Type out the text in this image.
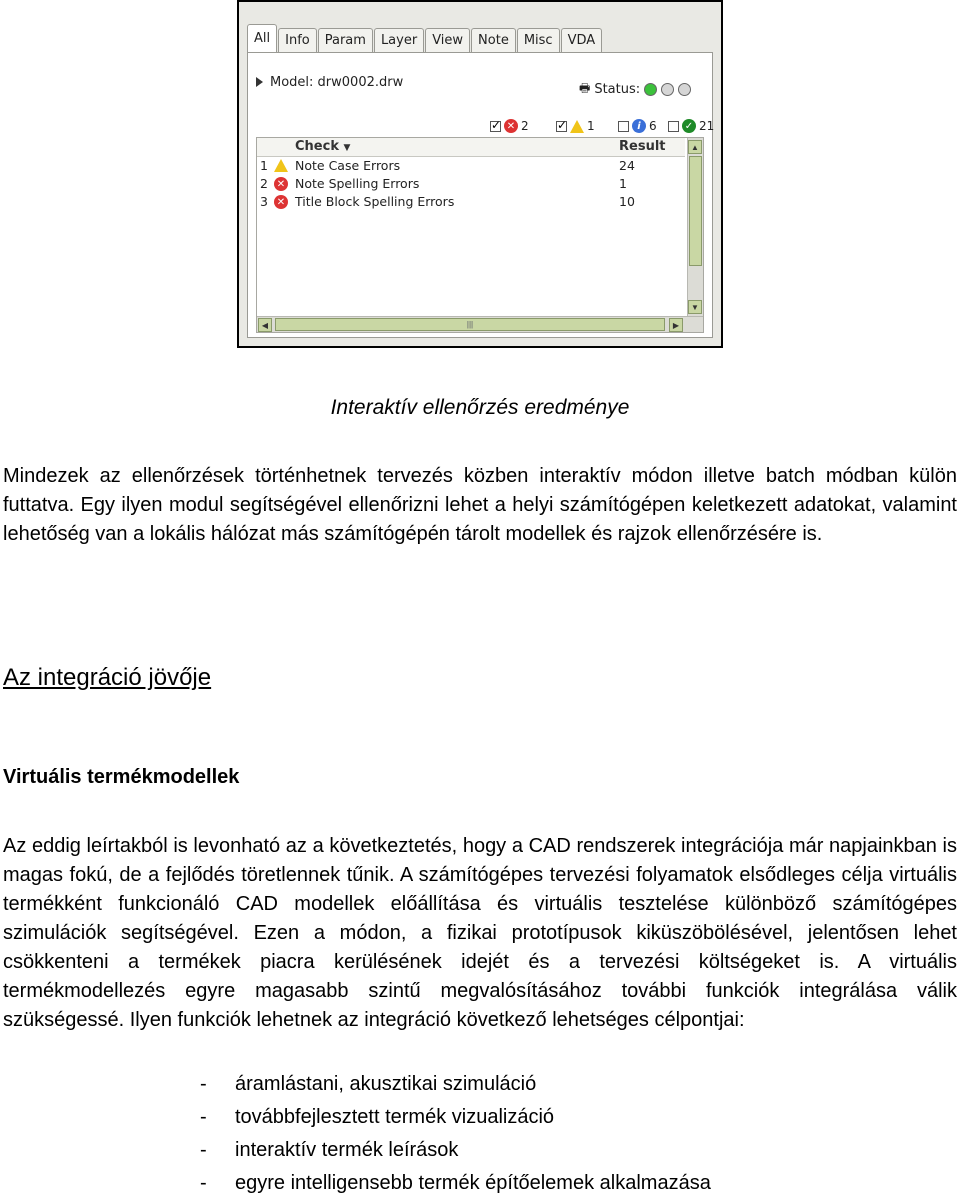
All	Info	Param	Layer	View	Note	Misc	VDA
Model: drw0002.drw	🖶 Status:
✓
✕ 2 ✓	1	i 6	✓ 21
Check ▼	Result
1 Note Case Errors	24
2 ✕ Note Spelling Errors	1
3 ✕ Title Block Spelling Errors	10
▲
▼
◀	|||	▶
Interaktív ellenőrzés eredménye

Mindezek az ellenőrzések történhetnek tervezés közben interaktív módon illetve batch módban külön futtatva. Egy ilyen modul segítségével ellenőrizni lehet a helyi számítógépen keletkezett adatokat, valamint lehetőség van a lokális hálózat más számítógépén tárolt modellek és rajzok ellenőrzésére is.

Az integráció jövője
Virtuális termékmodellek

Az eddig leírtakból is levonható az a következtetés, hogy a CAD rendszerek integrációja már napjainkban is magas fokú, de a fejlődés töretlennek tűnik. A számítógépes tervezési folyamatok elsődleges célja virtuális termékként funkcionáló CAD modellek előállítása és virtuális tesztelése különböző számítógépes szimulációk segítségével. Ezen a módon, a fizikai prototípusok kiküszöbölésével, jelentősen lehet csökkenteni a termékek piacra kerülésének idejét és a tervezési költségeket is. A virtuális termékmodellezés egyre magasabb szintű megvalósításához további funkciók integrálása válik szükségessé. Ilyen funkciók lehetnek az integráció következő lehetséges célpontjai:

-	áramlástani, akusztikai szimuláció
-	továbbfejlesztett termék vizualizáció
-	interaktív termék leírások
-	egyre intelligensebb termék építőelemek alkalmazása
